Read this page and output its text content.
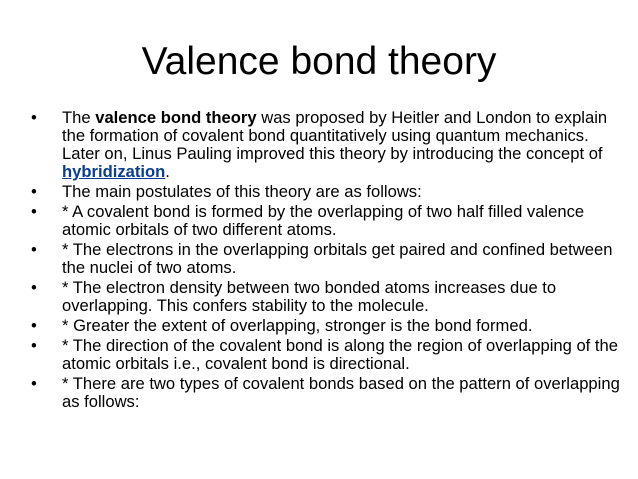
Valence bond theory
• The valence bond theory was proposed by Heitler and London to explain the formation of covalent bond quantitatively using quantum mechanics. Later on, Linus Pauling improved this theory by introducing the concept of hybridization.
• The main postulates of this theory are as follows:
• * A covalent bond is formed by the overlapping of two half filled valence atomic orbitals of two different atoms.
• * The electrons in the overlapping orbitals get paired and confined between the nuclei of two atoms.
• * The electron density between two bonded atoms increases due to overlapping. This confers stability to the molecule.
• * Greater the extent of overlapping, stronger is the bond formed.
• * The direction of the covalent bond is along the region of overlapping of the atomic orbitals i.e., covalent bond is directional.
• * There are two types of covalent bonds based on the pattern of overlapping as follows:
